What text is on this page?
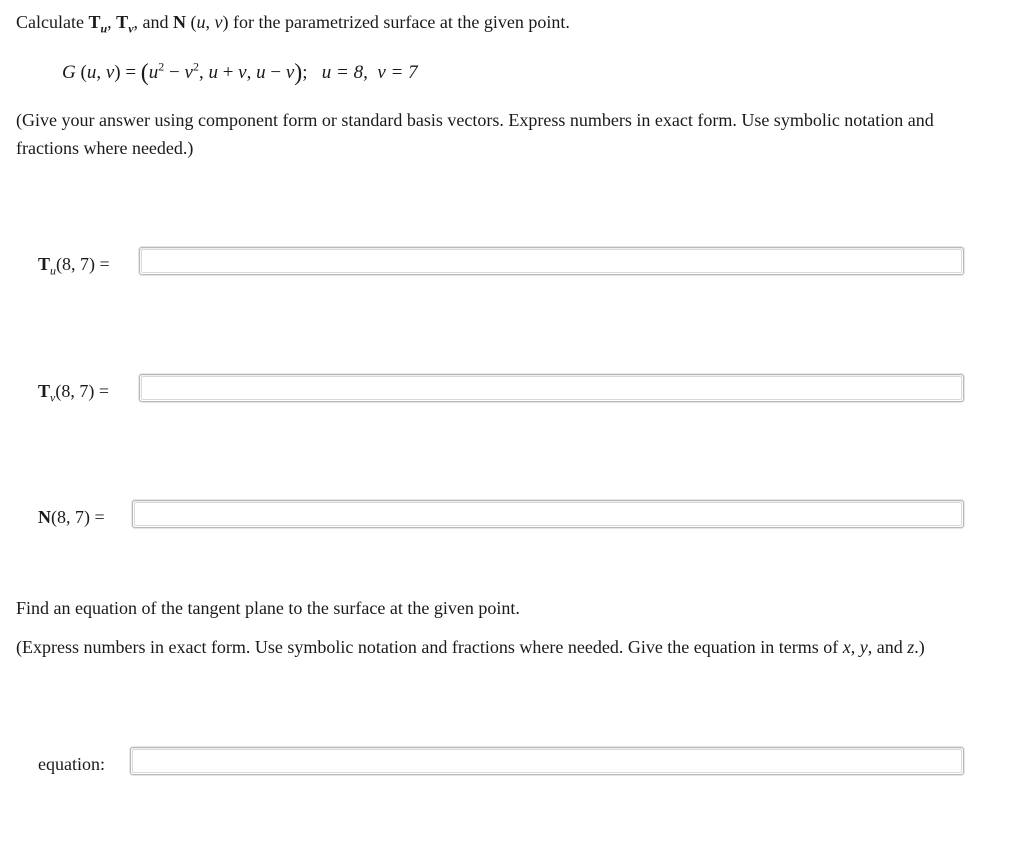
Calculate $T_u$, $T_v$, and N (u, v) for the parametrized surface at the given point.
G (u, $v) = (u^2 - v^2$, u + v, u − v);   u = 8,  v = 7
(Give your answer using component form or standard basis vectors. Express numbers in exact form. Use symbolic notation and
fractions where needed.)
$T_u(8$, 7) =
$T_v(8$, 7) =
N(8, 7) =
Find an equation of the tangent plane to the surface at the given point.
(Express numbers in exact form. Use symbolic notation and fractions where needed. Give the equation in terms of x, y, and z.)
equation:
